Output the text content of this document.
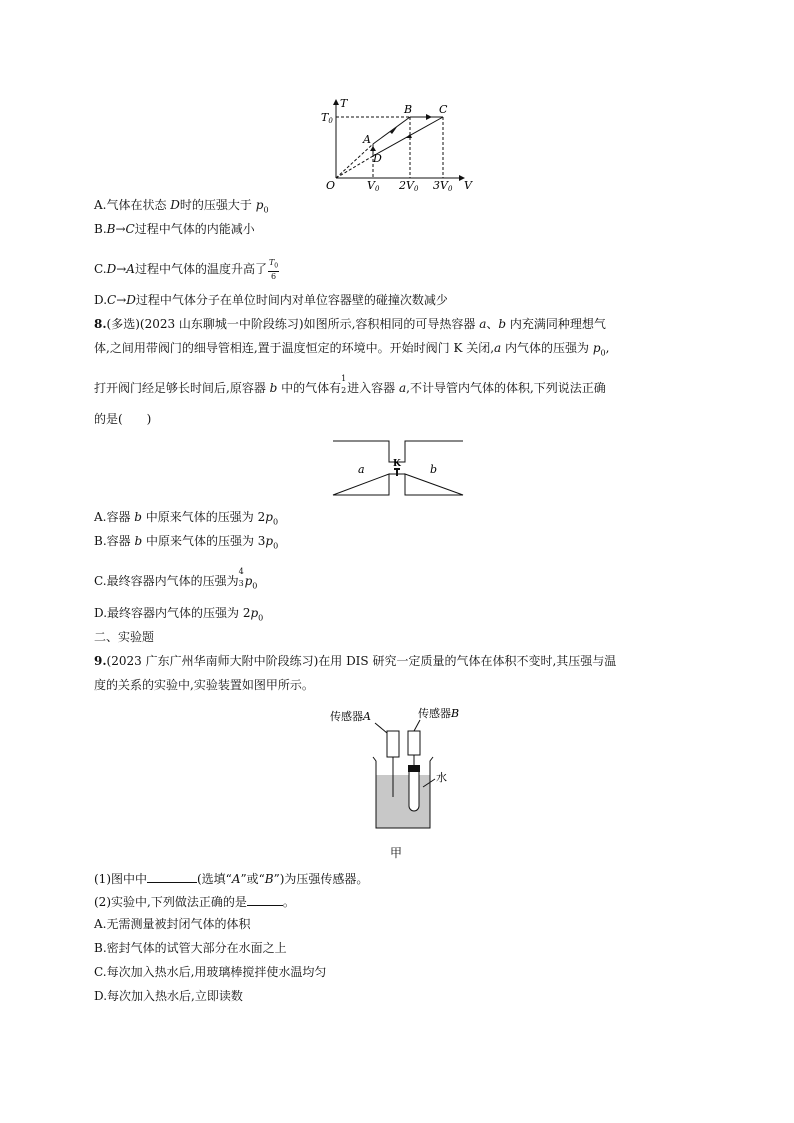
T
T0
B C
A
D
O	V0 2V0 3V0 V
A.气体在状态 D时的压强大于 $p_0$
B.B→C过程中气体的内能减小
C.D→A过程中气体的温度升高了 $\frac{T_0}{6}$
D.C→D过程中气体分子在单位时间内对单位容器壁的碰撞次数减少
8.(多选)(2023 山东聊城一中阶段练习)如图所示,容积相同的可导热容器 a、b 内充满同种理想气
体,之间用带阀门的细导管相连,置于温度恒定的环境中。开始时阀门 K 关闭,a 内气体的压强为 $p_0$,
打开阀门经足够长时间后,原容器 b 中的气体有
1
2 进入容器 a,不计导管内气体的体积,下列说法正确
的是(　　)
a	K	b
A.容器 b 中原来气体的压强为 $2p_0$
B.容器 b 中原来气体的压强为 $3p_0$
C.最终容器内气体的压强为
4
3 $p_0$
D.最终容器内气体的压强为 $2p_0$
二、实验题
9.(2023 广东广州华南师大附中阶段练习)在用 DIS 研究一定质量的气体在体积不变时,其压强与温
度的关系的实验中,实验装置如图甲所示。
传感器A	传感器B
水
甲
(1)图中中	(选填“A”或“B”)为压强传感器。
(2)实验中,下列做法正确的是	。
A.无需测量被封闭气体的体积
B.密封气体的试管大部分在水面之上
C.每次加入热水后,用玻璃棒搅拌使水温均匀
D.每次加入热水后,立即读数
